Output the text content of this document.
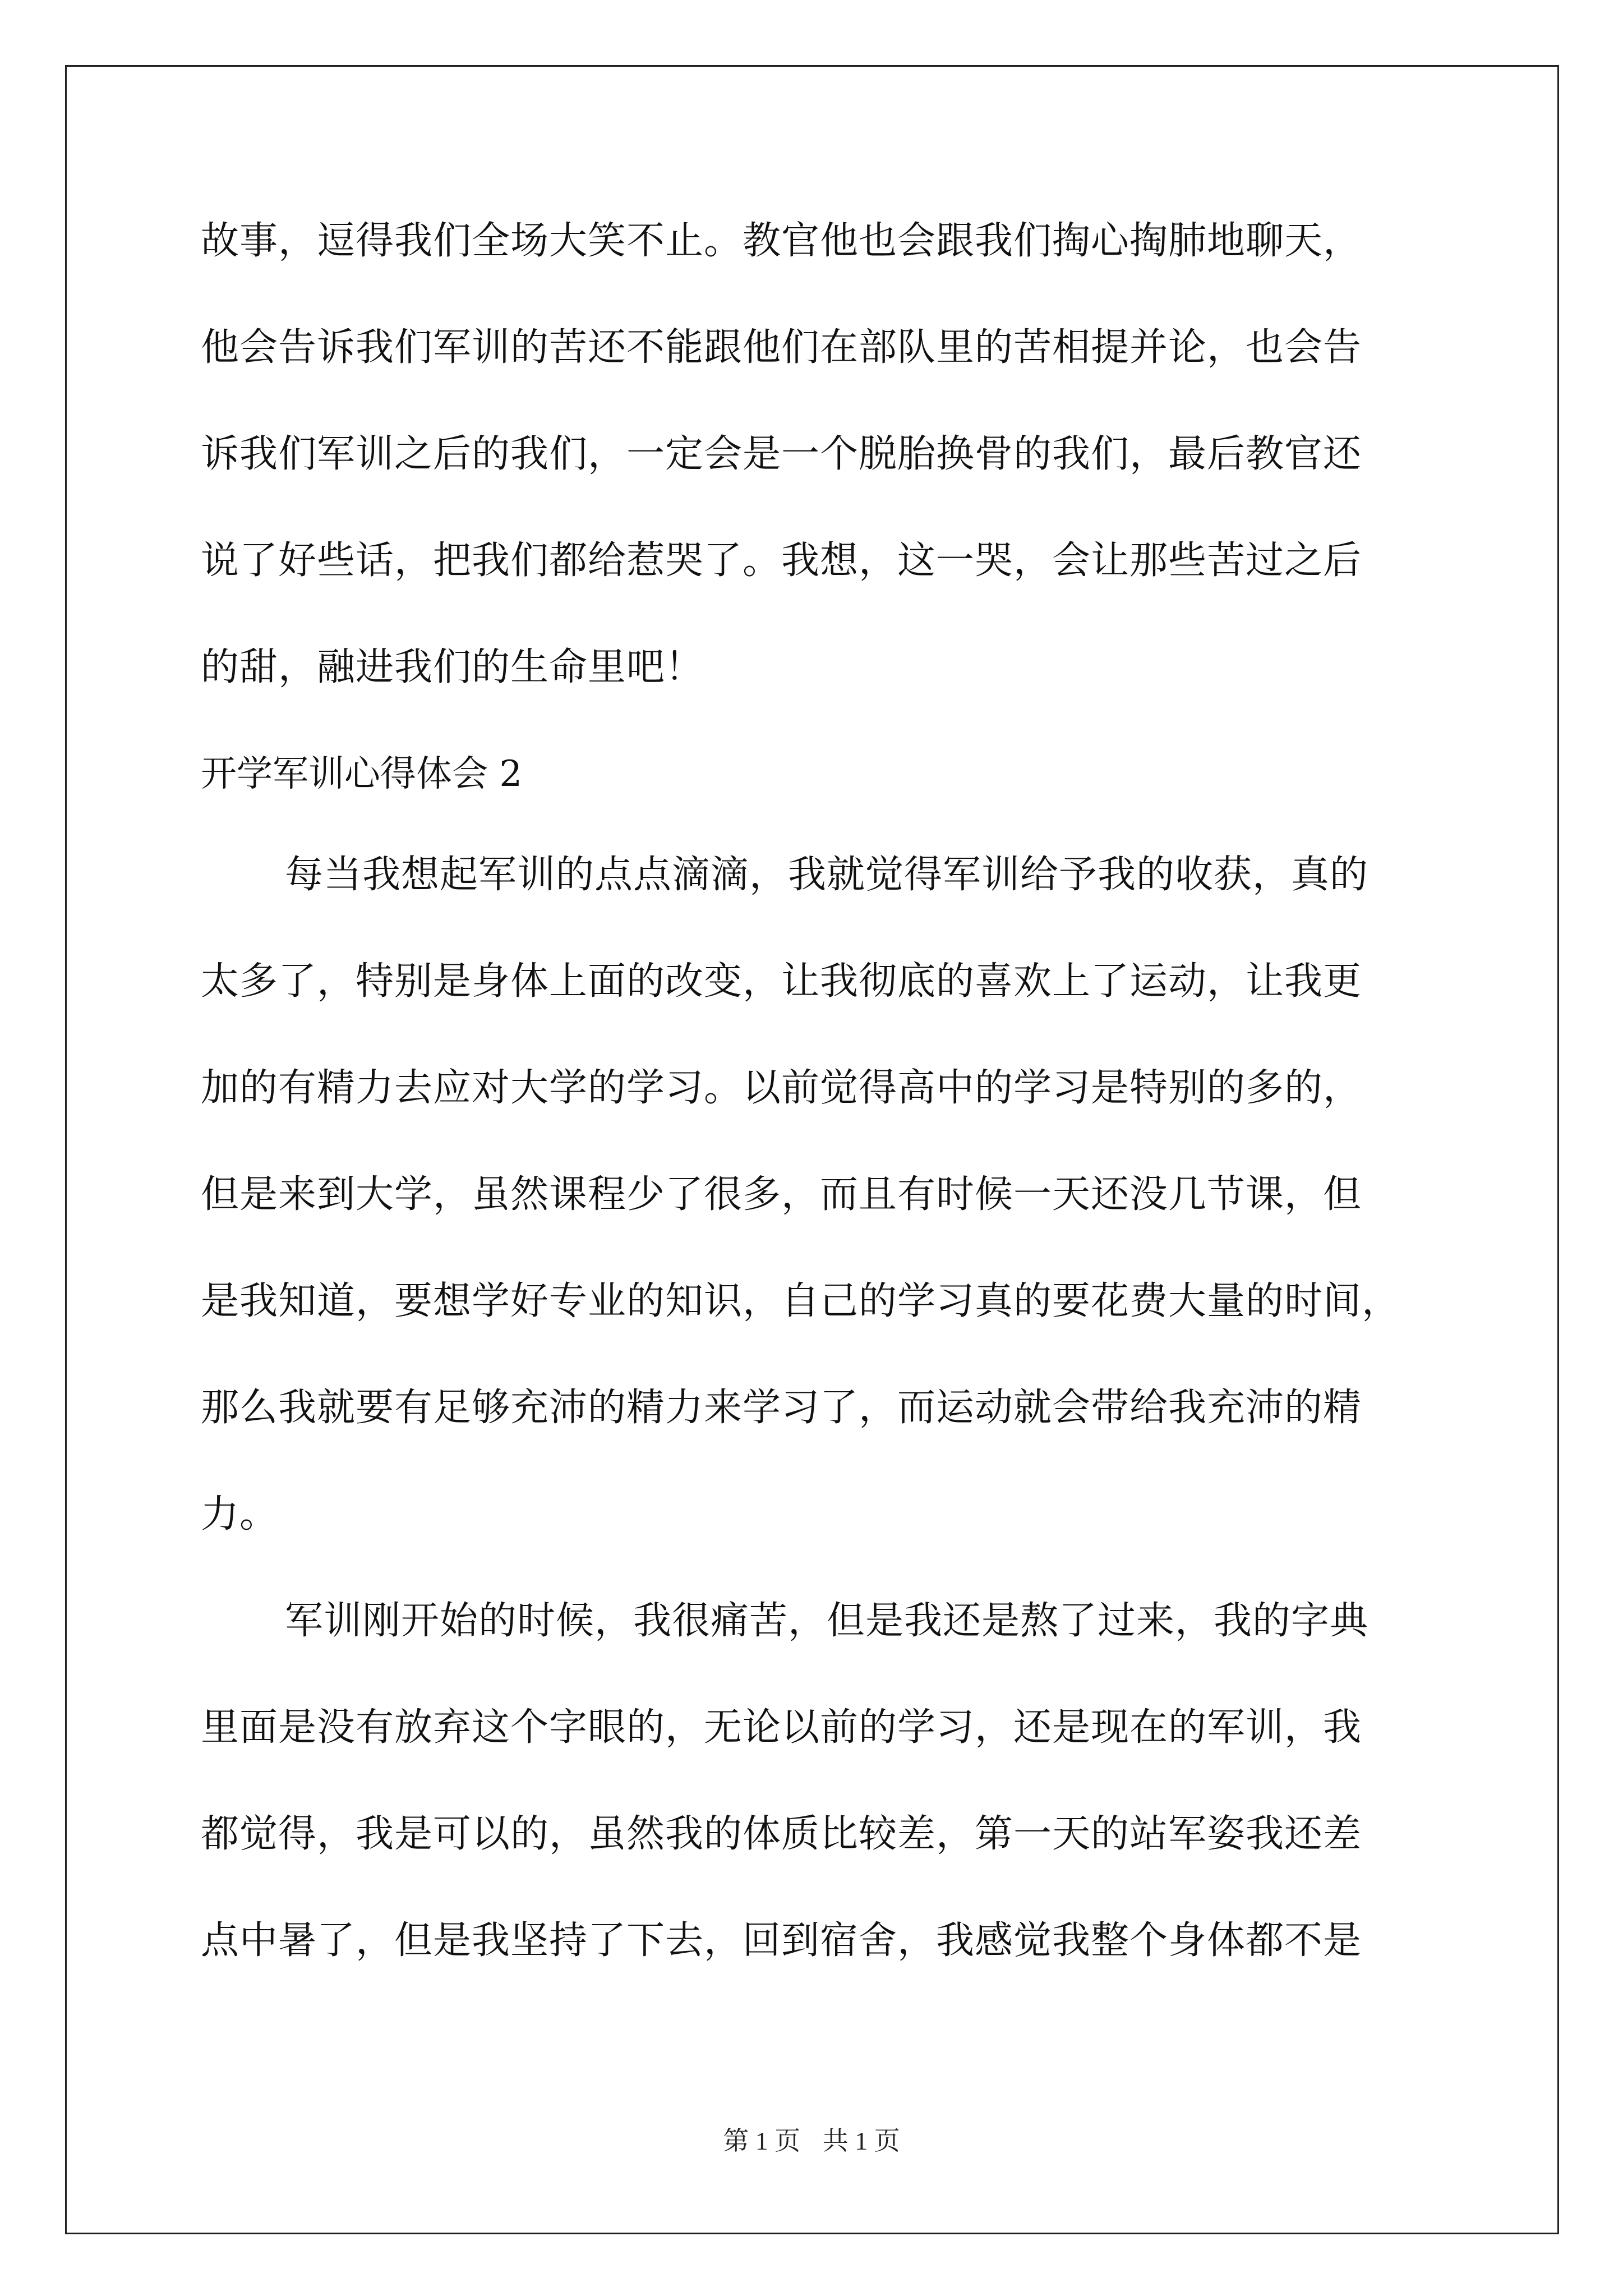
故事，逗得我们全场大笑不止。教官他也会跟我们掏心掏肺地聊天，
他会告诉我们军训的苦还不能跟他们在部队里的苦相提并论，也会告
诉我们军训之后的我们，一定会是一个脱胎换骨的我们，最后教官还
说了好些话，把我们都给惹哭了。我想，这一哭，会让那些苦过之后
的甜，融进我们的生命里吧！
开学军训心得体会 2
每当我想起军训的点点滴滴，我就觉得军训给予我的收获，真的
太多了，特别是身体上面的改变，让我彻底的喜欢上了运动，让我更
加的有精力去应对大学的学习。以前觉得高中的学习是特别的多的，
但是来到大学，虽然课程少了很多，而且有时候一天还没几节课，但
是我知道，要想学好专业的知识，自己的学习真的要花费大量的时间，
那么我就要有足够充沛的精力来学习了，而运动就会带给我充沛的精
力。
军训刚开始的时候，我很痛苦，但是我还是熬了过来，我的字典
里面是没有放弃这个字眼的，无论以前的学习，还是现在的军训，我
都觉得，我是可以的，虽然我的体质比较差，第一天的站军姿我还差
点中暑了，但是我坚持了下去，回到宿舍，我感觉我整个身体都不是
第 1 页 共 1 页
